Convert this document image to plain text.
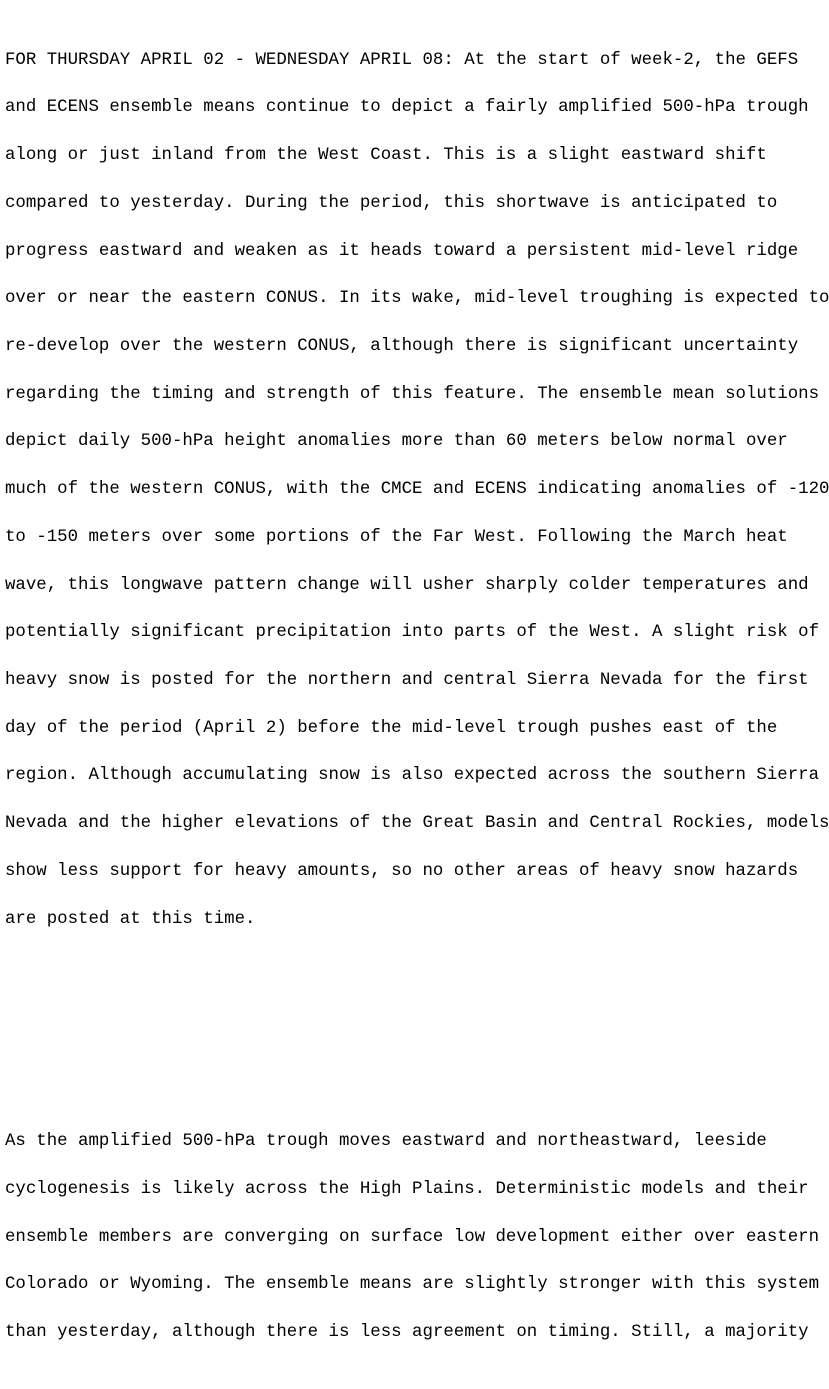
FOR THURSDAY APRIL 02 - WEDNESDAY APRIL 08: At the start of week-2, the GEFS

and ECENS ensemble means continue to depict a fairly amplified 500-hPa trough

along or just inland from the West Coast. This is a slight eastward shift

compared to yesterday. During the period, this shortwave is anticipated to

progress eastward and weaken as it heads toward a persistent mid-level ridge

over or near the eastern CONUS. In its wake, mid-level troughing is expected to

re-develop over the western CONUS, although there is significant uncertainty

regarding the timing and strength of this feature. The ensemble mean solutions

depict daily 500-hPa height anomalies more than 60 meters below normal over

much of the western CONUS, with the CMCE and ECENS indicating anomalies of -120

to -150 meters over some portions of the Far West. Following the March heat

wave, this longwave pattern change will usher sharply colder temperatures and

potentially significant precipitation into parts of the West. A slight risk of

heavy snow is posted for the northern and central Sierra Nevada for the first

day of the period (April 2) before the mid-level trough pushes east of the

region. Although accumulating snow is also expected across the southern Sierra

Nevada and the higher elevations of the Great Basin and Central Rockies, models

show less support for heavy amounts, so no other areas of heavy snow hazards

are posted at this time.

As the amplified 500-hPa trough moves eastward and northeastward, leeside

cyclogenesis is likely across the High Plains. Deterministic models and their

ensemble members are converging on surface low development either over eastern

Colorado or Wyoming. The ensemble means are slightly stronger with this system

than yesterday, although there is less agreement on timing. Still, a majority
